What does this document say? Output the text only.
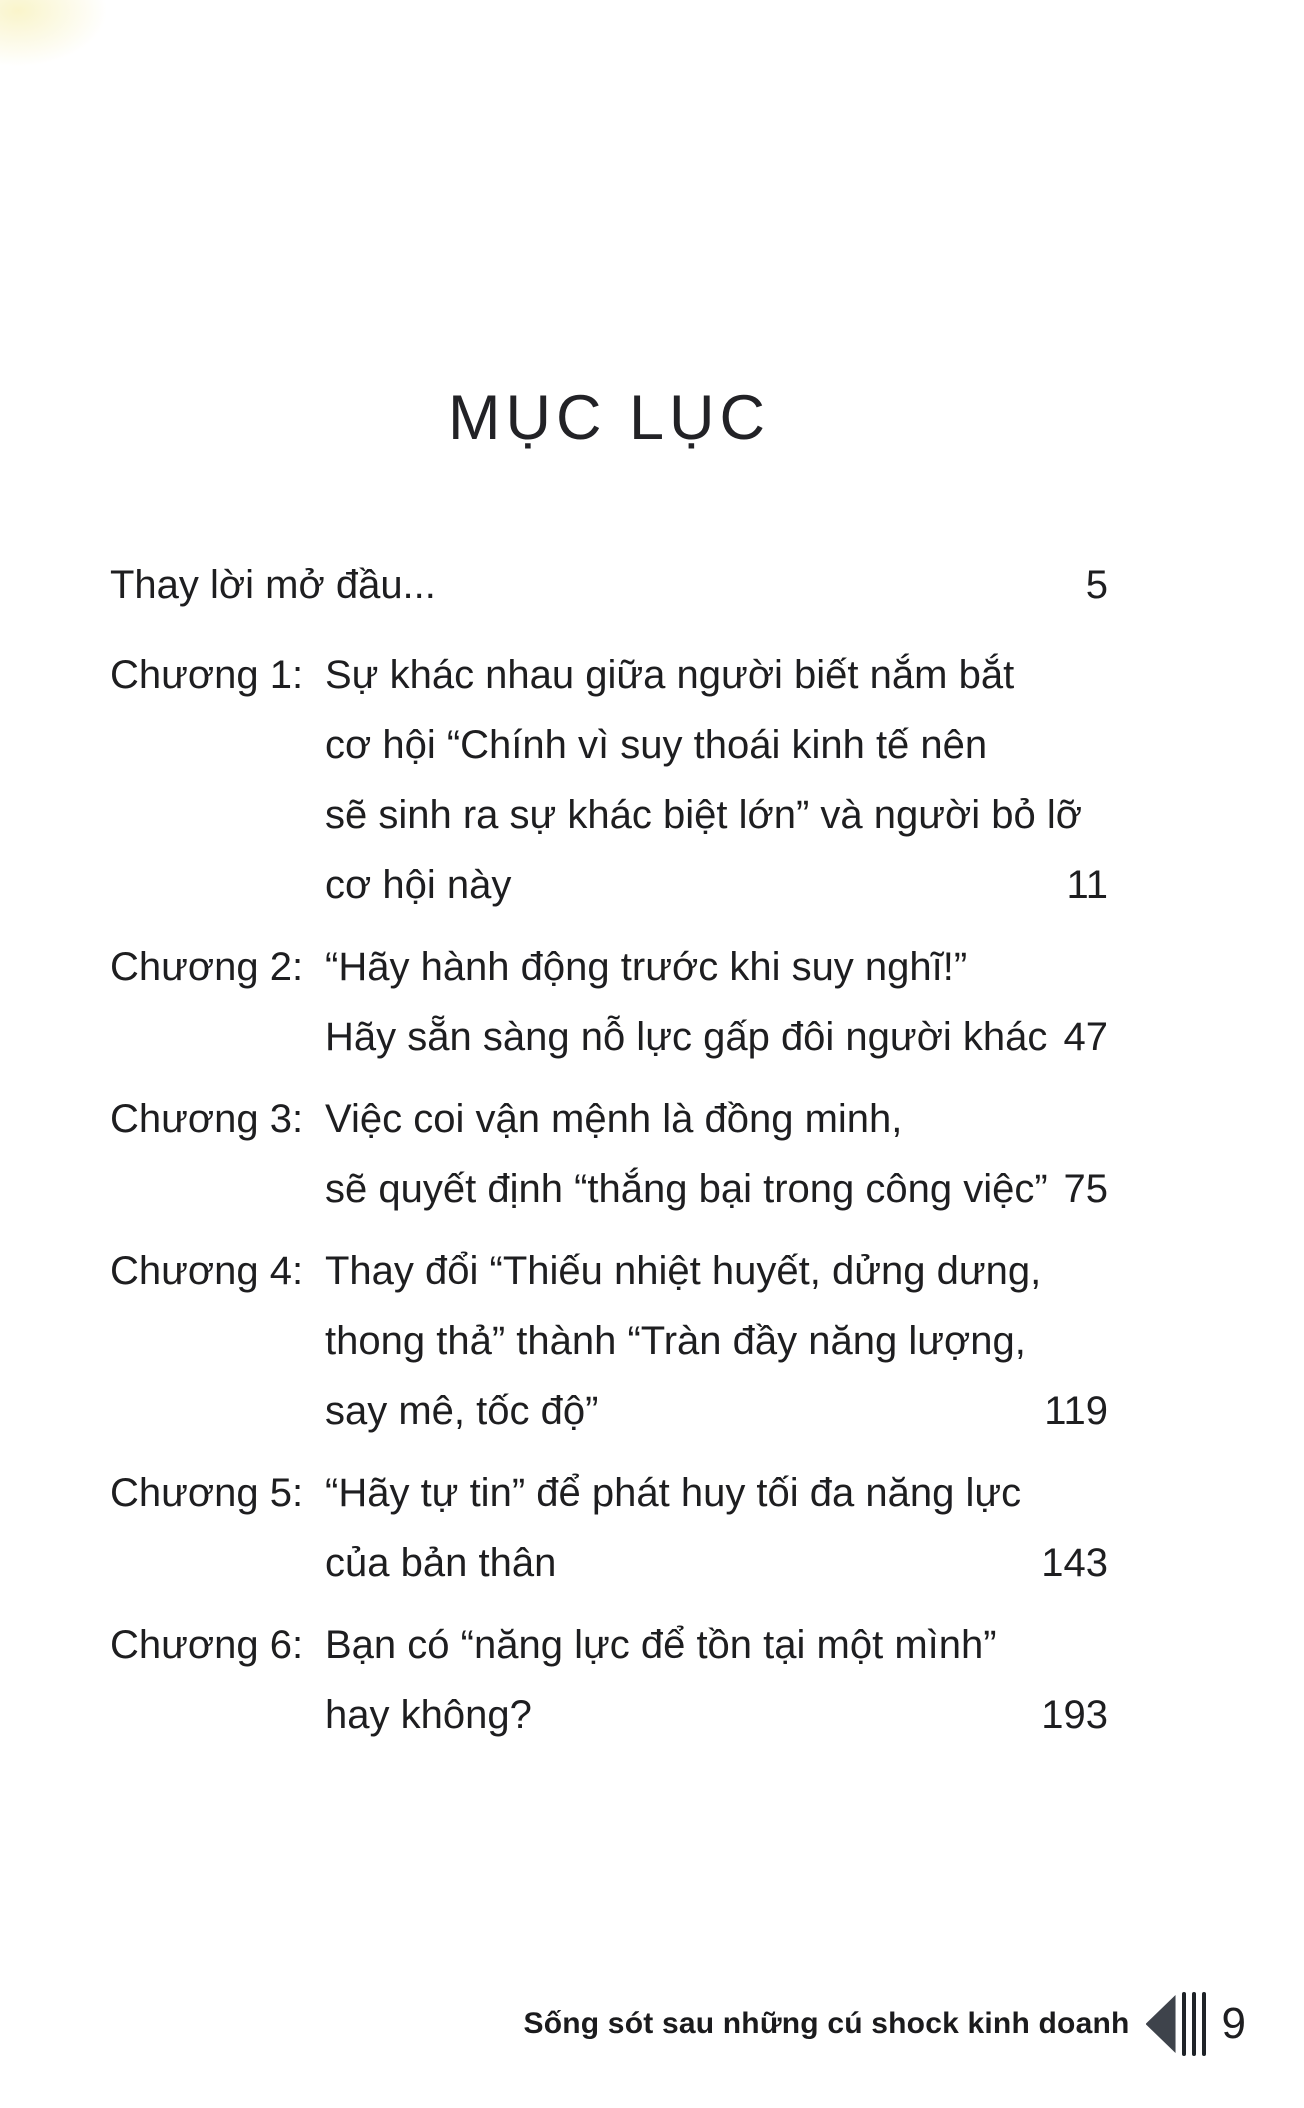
MỤC LỤC
Thay lời mở đầu...	5
Chương 1: Sự khác nhau giữa người biết nắm bắt
cơ hội “Chính vì suy thoái kinh tế nên
sẽ sinh ra sự khác biệt lớn” và người bỏ lỡ
cơ hội này	11
Chương 2: “Hãy hành động trước khi suy nghĩ!”
Hãy sẵn sàng nỗ lực gấp đôi người khác 47
Chương 3: Việc coi vận mệnh là đồng minh,
sẽ quyết định “thắng bại trong công việc” 75
Chương 4: Thay đổi “Thiếu nhiệt huyết, dửng dưng,
thong thả” thành “Tràn đầy năng lượng,
say mê, tốc độ”	119
Chương 5: “Hãy tự tin” để phát huy tối đa năng lực
của bản thân	143
Chương 6: Bạn có “năng lực để tồn tại một mình”
hay không?	193
Sống sót sau những cú shock kinh doanh 9
